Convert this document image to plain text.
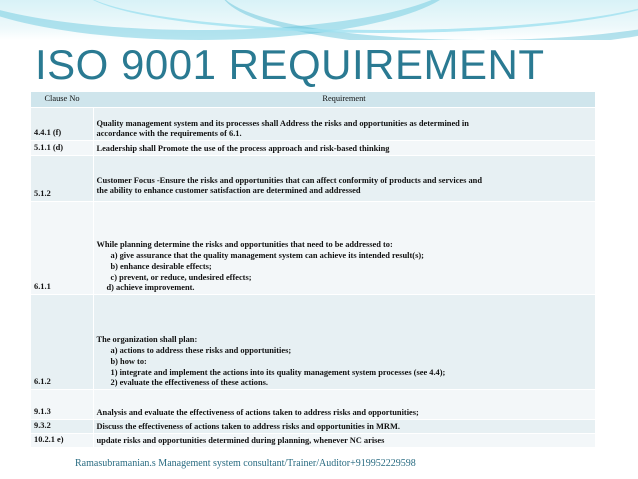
ISO 9001 REQUIREMENT
Clause No	Requirement
4.4.1 (f)	Quality management system and its processes shall Address the risks and opportunities as determined in
accordance with the requirements of 6.1.

5.1.1 (d)	Leadership shall Promote the use of the process approach and risk-based thinking

5.1.2	Customer Focus -Ensure the risks and opportunities that can affect conformity of products and services and
the ability to enhance customer satisfaction are determined and addressed

6.1.1	While planning determine the risks and opportunities that need to be addressed to:
a) give assurance that the quality management system can achieve its intended result(s);
b) enhance desirable effects;
c) prevent, or reduce, undesired effects;
d) achieve improvement.

6.1.2	The organization shall plan:
a) actions to address these risks and opportunities;
b) how to:
1) integrate and implement the actions into its quality management system processes (see 4.4);
2) evaluate the effectiveness of these actions.

9.1.3	Analysis and evaluate the effectiveness of actions taken to address risks and opportunities;

9.3.2	Discuss the effectiveness of actions taken to address risks and opportunities in MRM.

10.2.1 e)	update risks and opportunities determined during planning, whenever NC arises
Ramasubramanian.s Management system consultant/Trainer/Auditor+919952229598
